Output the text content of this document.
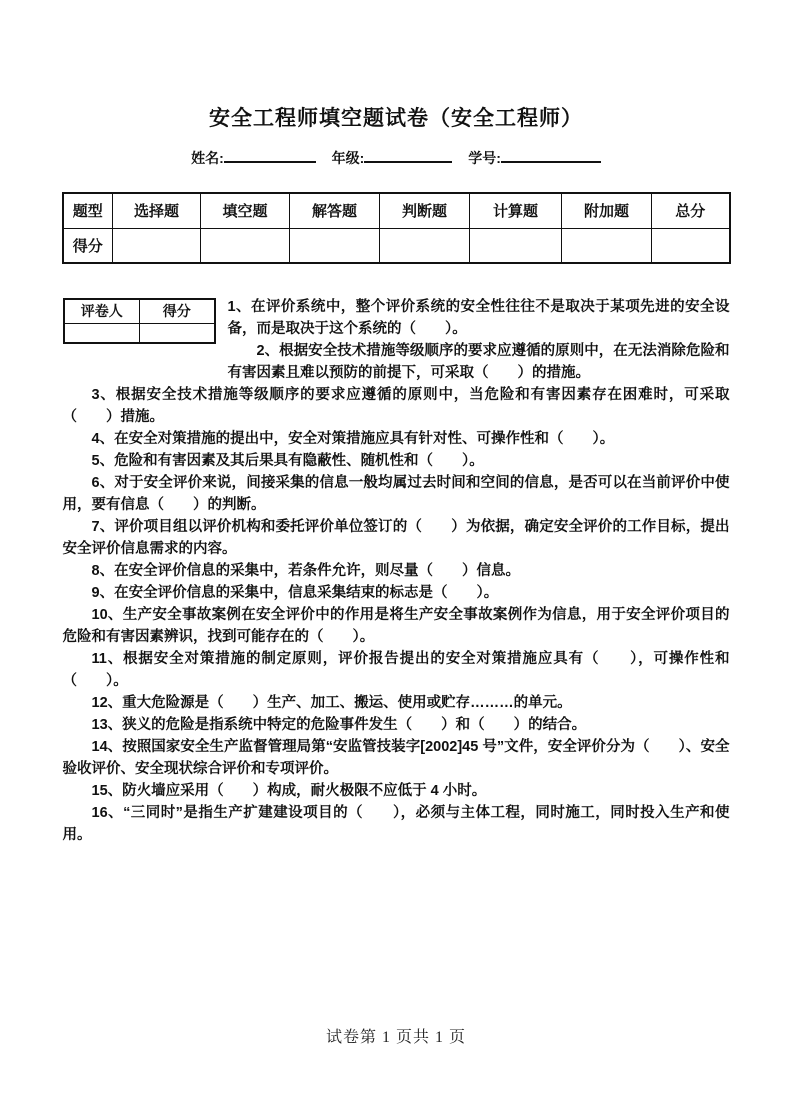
安全工程师填空题试卷（安全工程师）
姓名:	年级:	学号:
题型	选择题	填空题	解答题	判断题	计算题	附加题	总分
得分							
评卷人	得分
		1、在评价系统中，整个评价系统的安全性往往不是取决于某项先进的安全设备，而是取决于这个系统的（　　）。

2、根据安全技术措施等级顺序的要求应遵循的原则中，在无法消除危险和有害因素且难以预防的前提下，可采取（　　）的措施。

3、根据安全技术措施等级顺序的要求应遵循的原则中，当危险和有害因素存在困难时，可采取（　　）措施。

4、在安全对策措施的提出中，安全对策措施应具有针对性、可操作性和（　　）。

5、危险和有害因素及其后果具有隐蔽性、随机性和（　　）。

6、对于安全评价来说，间接采集的信息一般均属过去时间和空间的信息，是否可以在当前评价中使用，要有信息（　　）的判断。

7、评价项目组以评价机构和委托评价单位签订的（　　）为依据，确定安全评价的工作目标，提出安全评价信息需求的内容。

8、在安全评价信息的采集中，若条件允许，则尽量（　　）信息。

9、在安全评价信息的采集中，信息采集结束的标志是（　　）。

10、生产安全事故案例在安全评价中的作用是将生产安全事故案例作为信息，用于安全评价项目的危险和有害因素辨识，找到可能存在的（　　）。

11、根据安全对策措施的制定原则，评价报告提出的安全对策措施应具有（　　），可操作性和（　　）。

12、重大危险源是（　　）生产、加工、搬运、使用或贮存………的单元。

13、狭义的危险是指系统中特定的危险事件发生（　　）和（　　）的结合。

14、按照国家安全生产监督管理局第“安监管技装字[2002]45 号”文件，安全评价分为（　　）、安全验收评价、安全现状综合评价和专项评价。

15、防火墙应采用（　　）构成，耐火极限不应低于 4 小时。

16、“三同时”是指生产扩建建设项目的（　　），必须与主体工程，同时施工，同时投入生产和使用。

试卷第 1 页共 1 页
